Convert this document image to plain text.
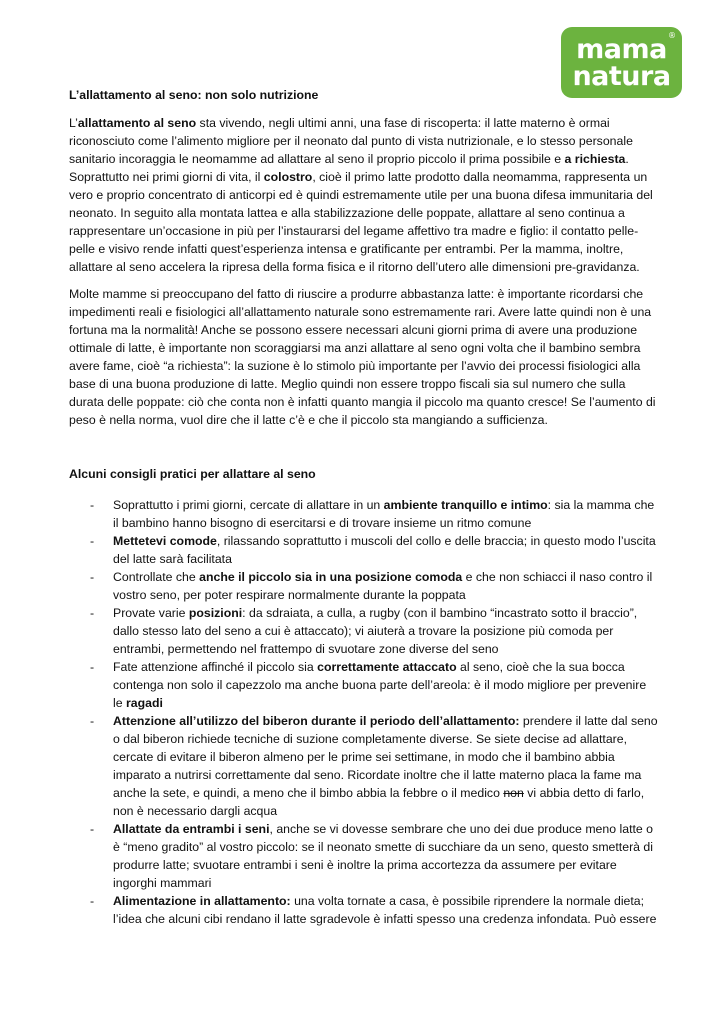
®
mama
natura
L’allattamento al seno: non solo nutrizione

L’allattamento al seno sta vivendo, negli ultimi anni, una fase di riscoperta: il latte materno è ormai riconosciuto come l’alimento migliore per il neonato dal punto di vista nutrizionale, e lo stesso personale sanitario incoraggia le neomamme ad allattare al seno il proprio piccolo il prima possibile e a richiesta. Soprattutto nei primi giorni di vita, il colostro, cioè il primo latte prodotto dalla neomamma, rappresenta un vero e proprio concentrato di anticorpi ed è quindi estremamente utile per una buona difesa immunitaria del neonato. In seguito alla montata lattea e alla stabilizzazione delle poppate, allattare al seno continua a rappresentare un’occasione in più per l’instaurarsi del legame affettivo tra madre e figlio: il contatto pelle-pelle e visivo rende infatti quest’esperienza intensa e gratificante per entrambi. Per la mamma, inoltre, allattare al seno accelera la ripresa della forma fisica e il ritorno dell’utero alle dimensioni pre-gravidanza.

Molte mamme si preoccupano del fatto di riuscire a produrre abbastanza latte: è importante ricordarsi che impedimenti reali e fisiologici all’allattamento naturale sono estremamente rari. Avere latte quindi non è una fortuna ma la normalità! Anche se possono essere necessari alcuni giorni prima di avere una produzione ottimale di latte, è importante non scoraggiarsi ma anzi allattare al seno ogni volta che il bambino sembra avere fame, cioè “a richiesta”: la suzione è lo stimolo più importante per l’avvio dei processi fisiologici alla base di una buona produzione di latte. Meglio quindi non essere troppo fiscali sia sul numero che sulla durata delle poppate: ciò che conta non è infatti quanto mangia il piccolo ma quanto cresce! Se l’aumento di peso è nella norma, vuol dire che il latte c’è e che il piccolo sta mangiando a sufficienza.

Alcuni consigli pratici per allattare al seno
- Soprattutto i primi giorni, cercate di allattare in un ambiente tranquillo e intimo: sia la mamma che il bambino hanno bisogno di esercitarsi e di trovare insieme un ritmo comune
- Mettetevi comode, rilassando soprattutto i muscoli del collo e delle braccia; in questo modo l’uscita del latte sarà facilitata
- Controllate che anche il piccolo sia in una posizione comoda e che non schiacci il naso contro il vostro seno, per poter respirare normalmente durante la poppata
- Provate varie posizioni: da sdraiata, a culla, a rugby (con il bambino “incastrato sotto il braccio”, dallo stesso lato del seno a cui è attaccato); vi aiuterà a trovare la posizione più comoda per entrambi, permettendo nel frattempo di svuotare zone diverse del seno
- Fate attenzione affinché il piccolo sia correttamente attaccato al seno, cioè che la sua bocca contenga non solo il capezzolo ma anche buona parte dell’areola: è il modo migliore per prevenire le ragadi
- Attenzione all’utilizzo del biberon durante il periodo dell’allattamento: prendere il latte dal seno o dal biberon richiede tecniche di suzione completamente diverse. Se siete decise ad allattare, cercate di evitare il biberon almeno per le prime sei settimane, in modo che il bambino abbia imparato a nutrirsi correttamente dal seno. Ricordate inoltre che il latte materno placa la fame ma anche la sete, e quindi, a meno che il bimbo abbia la febbre o il medico non vi abbia detto di farlo, non è necessario dargli acqua
- Allattate da entrambi i seni, anche se vi dovesse sembrare che uno dei due produce meno latte o è “meno gradito” al vostro piccolo: se il neonato smette di succhiare da un seno, questo smetterà di produrre latte; svuotare entrambi i seni è inoltre la prima accortezza da assumere per evitare ingorghi mammari
- Alimentazione in allattamento: una volta tornate a casa, è possibile riprendere la normale dieta; l’idea che alcuni cibi rendano il latte sgradevole è infatti spesso una credenza infondata. Può essere
